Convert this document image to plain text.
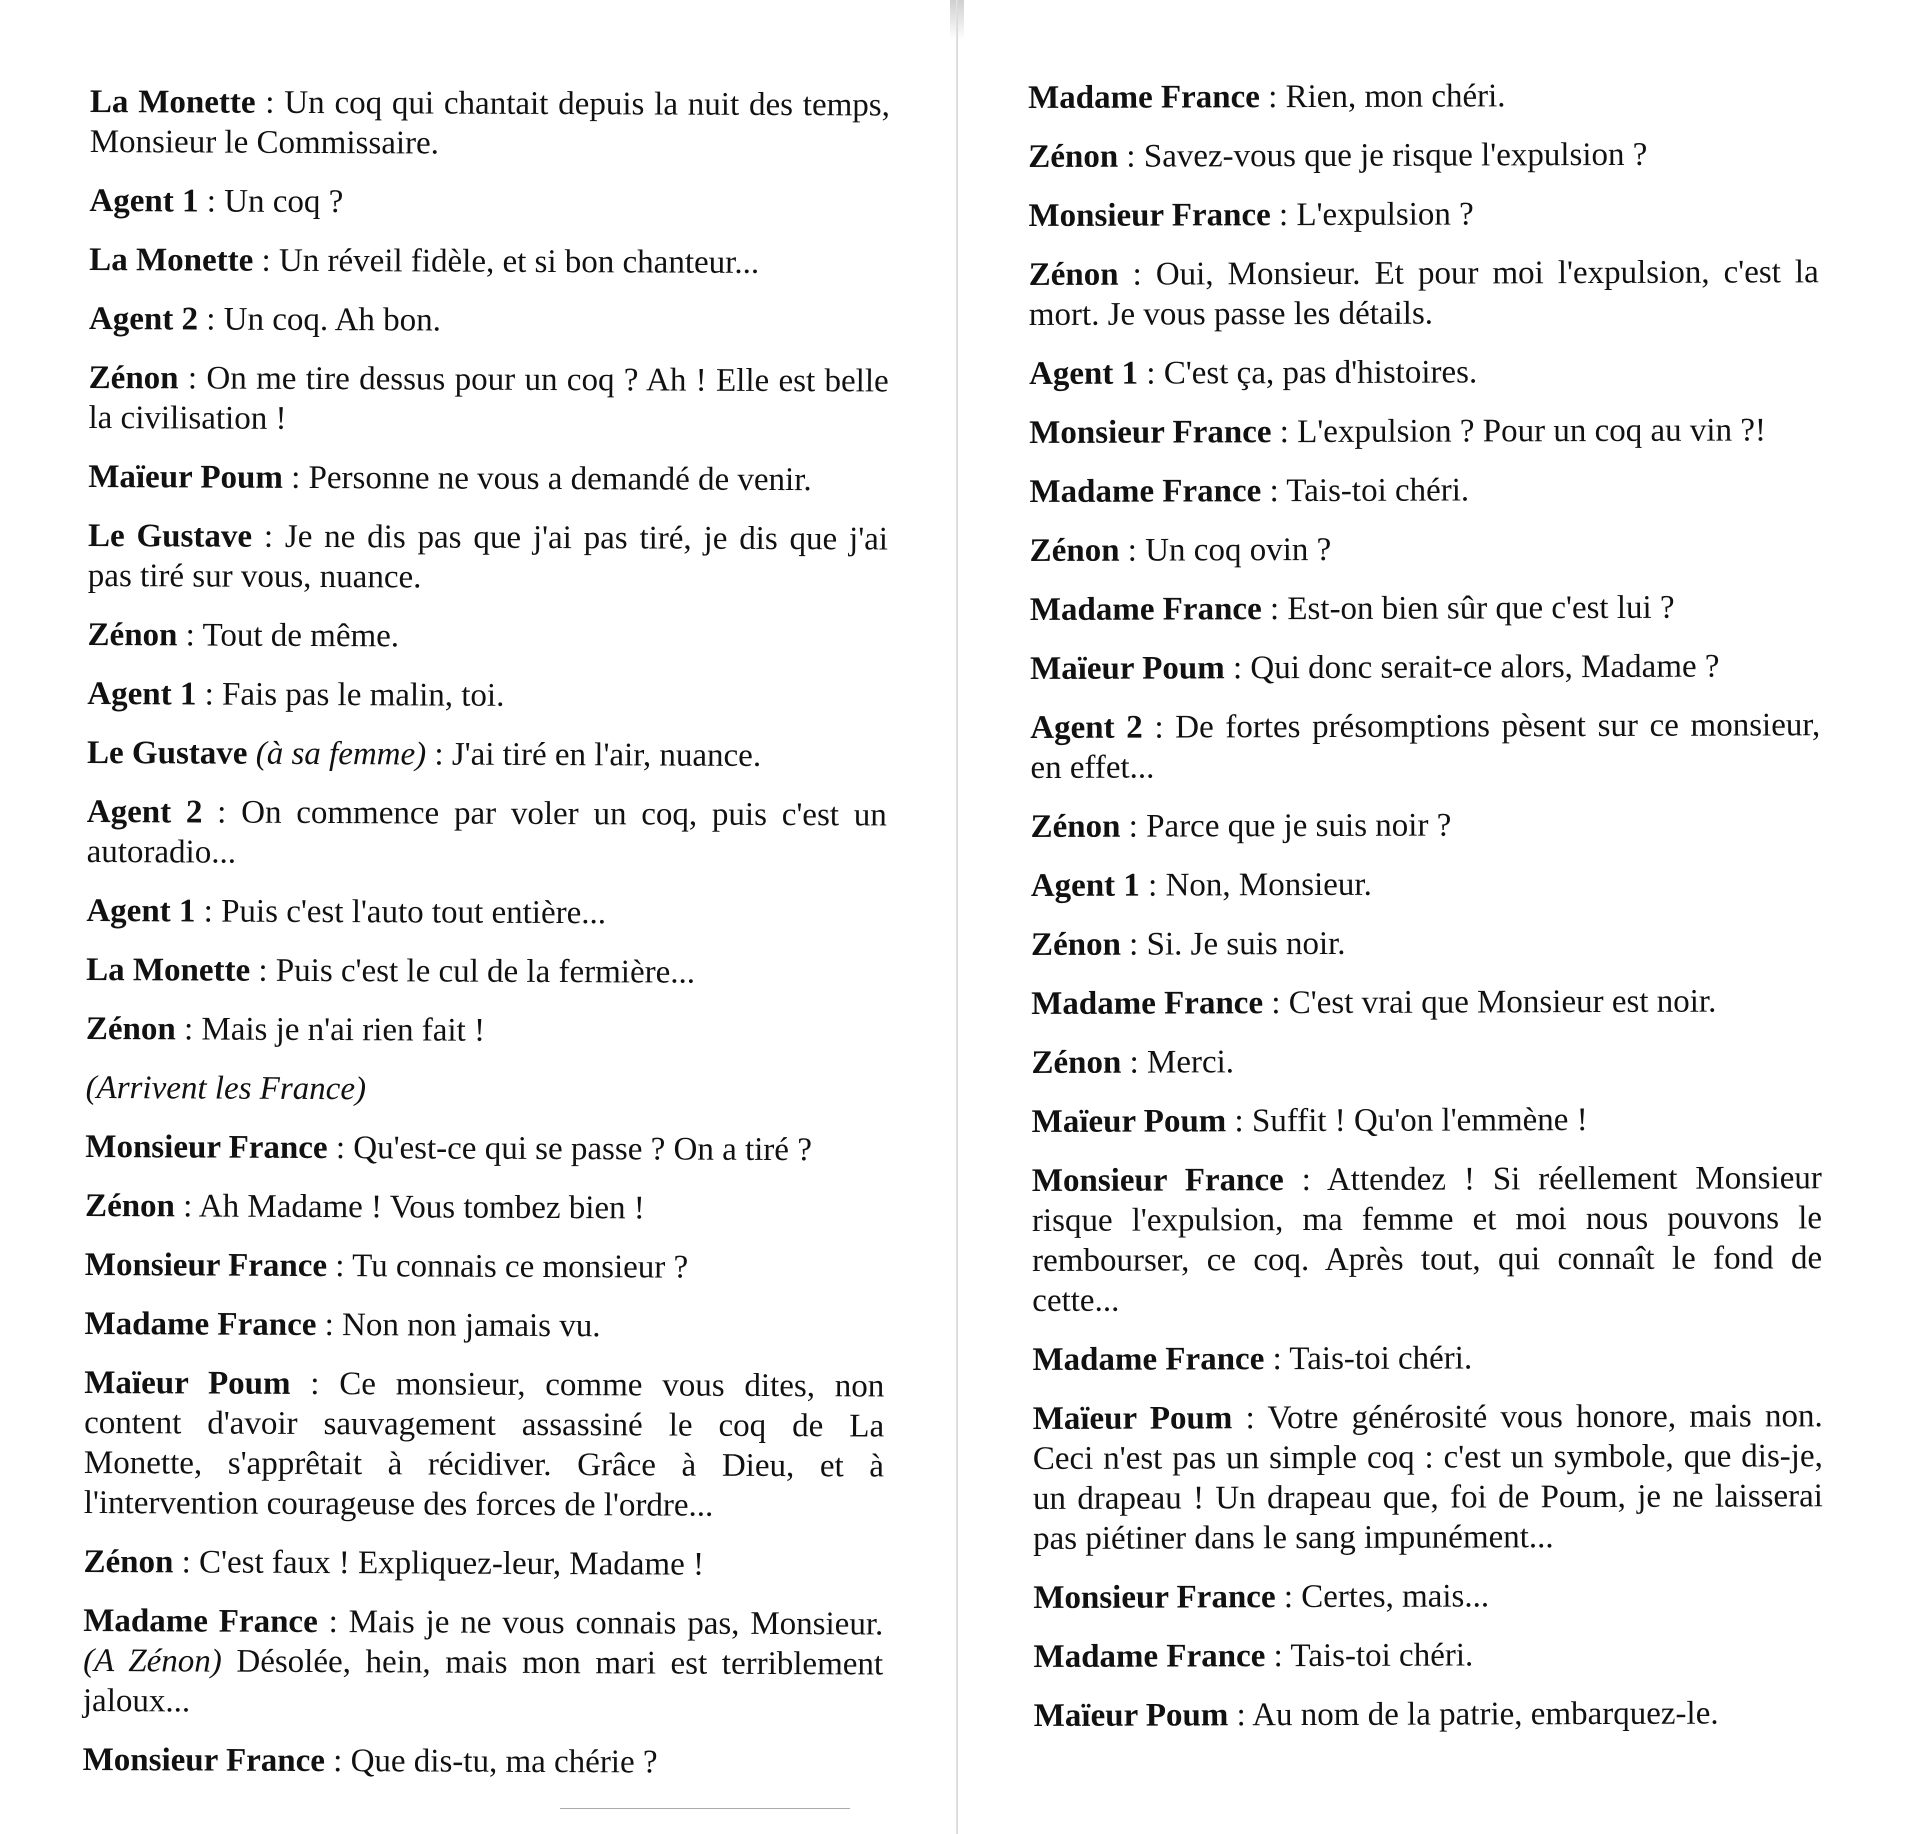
La Monette : Un coq qui chantait depuis la nuit des temps, Monsieur le Commissaire.

Agent 1 : Un coq ?

La Monette : Un réveil fidèle, et si bon chanteur...

Agent 2 : Un coq. Ah bon.

Zénon : On me tire dessus pour un coq ? Ah ! Elle est belle la civilisation !

Maïeur Poum : Personne ne vous a demandé de venir.

Le Gustave : Je ne dis pas que j'ai pas tiré, je dis que j'ai pas tiré sur vous, nuance.

Zénon : Tout de même.

Agent 1 : Fais pas le malin, toi.

Le Gustave (à sa femme) : J'ai tiré en l'air, nuance.

Agent 2 : On commence par voler un coq, puis c'est un autoradio...

Agent 1 : Puis c'est l'auto tout entière...

La Monette : Puis c'est le cul de la fermière...

Zénon : Mais je n'ai rien fait !

(Arrivent les France)

Monsieur France : Qu'est-ce qui se passe ? On a tiré ?

Zénon : Ah Madame ! Vous tombez bien !

Monsieur France : Tu connais ce monsieur ?

Madame France : Non non jamais vu.

Maïeur Poum : Ce monsieur, comme vous dites, non content d'avoir sauvagement assassiné le coq de La Monette, s'apprêtait à récidiver. Grâce à Dieu, et à l'intervention courageuse des forces de l'ordre...

Zénon : C'est faux ! Expliquez-leur, Madame !

Madame France : Mais je ne vous connais pas, Monsieur. (A Zénon) Désolée, hein, mais mon mari est terriblement jaloux...

Monsieur France : Que dis-tu, ma chérie ?

Madame France : Rien, mon chéri.

Zénon : Savez-vous que je risque l'expulsion ?

Monsieur France : L'expulsion ?

Zénon : Oui, Monsieur. Et pour moi l'expulsion, c'est la mort. Je vous passe les détails.

Agent 1 : C'est ça, pas d'histoires.

Monsieur France : L'expulsion ? Pour un coq au vin ?!

Madame France : Tais-toi chéri.

Zénon : Un coq ovin ?

Madame France : Est-on bien sûr que c'est lui ?

Maïeur Poum : Qui donc serait-ce alors, Madame ?

Agent 2 : De fortes présomptions pèsent sur ce monsieur, en effet...

Zénon : Parce que je suis noir ?

Agent 1 : Non, Monsieur.

Zénon : Si. Je suis noir.

Madame France : C'est vrai que Monsieur est noir.

Zénon : Merci.

Maïeur Poum : Suffit ! Qu'on l'emmène !

Monsieur France : Attendez ! Si réellement Monsieur risque l'expulsion, ma femme et moi nous pouvons le rembourser, ce coq. Après tout, qui connaît le fond de cette...

Madame France : Tais-toi chéri.

Maïeur Poum : Votre générosité vous honore, mais non. Ceci n'est pas un simple coq : c'est un symbole, que dis-je, un drapeau ! Un drapeau que, foi de Poum, je ne laisserai pas piétiner dans le sang impunément...

Monsieur France : Certes, mais...

Madame France : Tais-toi chéri.

Maïeur Poum : Au nom de la patrie, embarquez-le.
